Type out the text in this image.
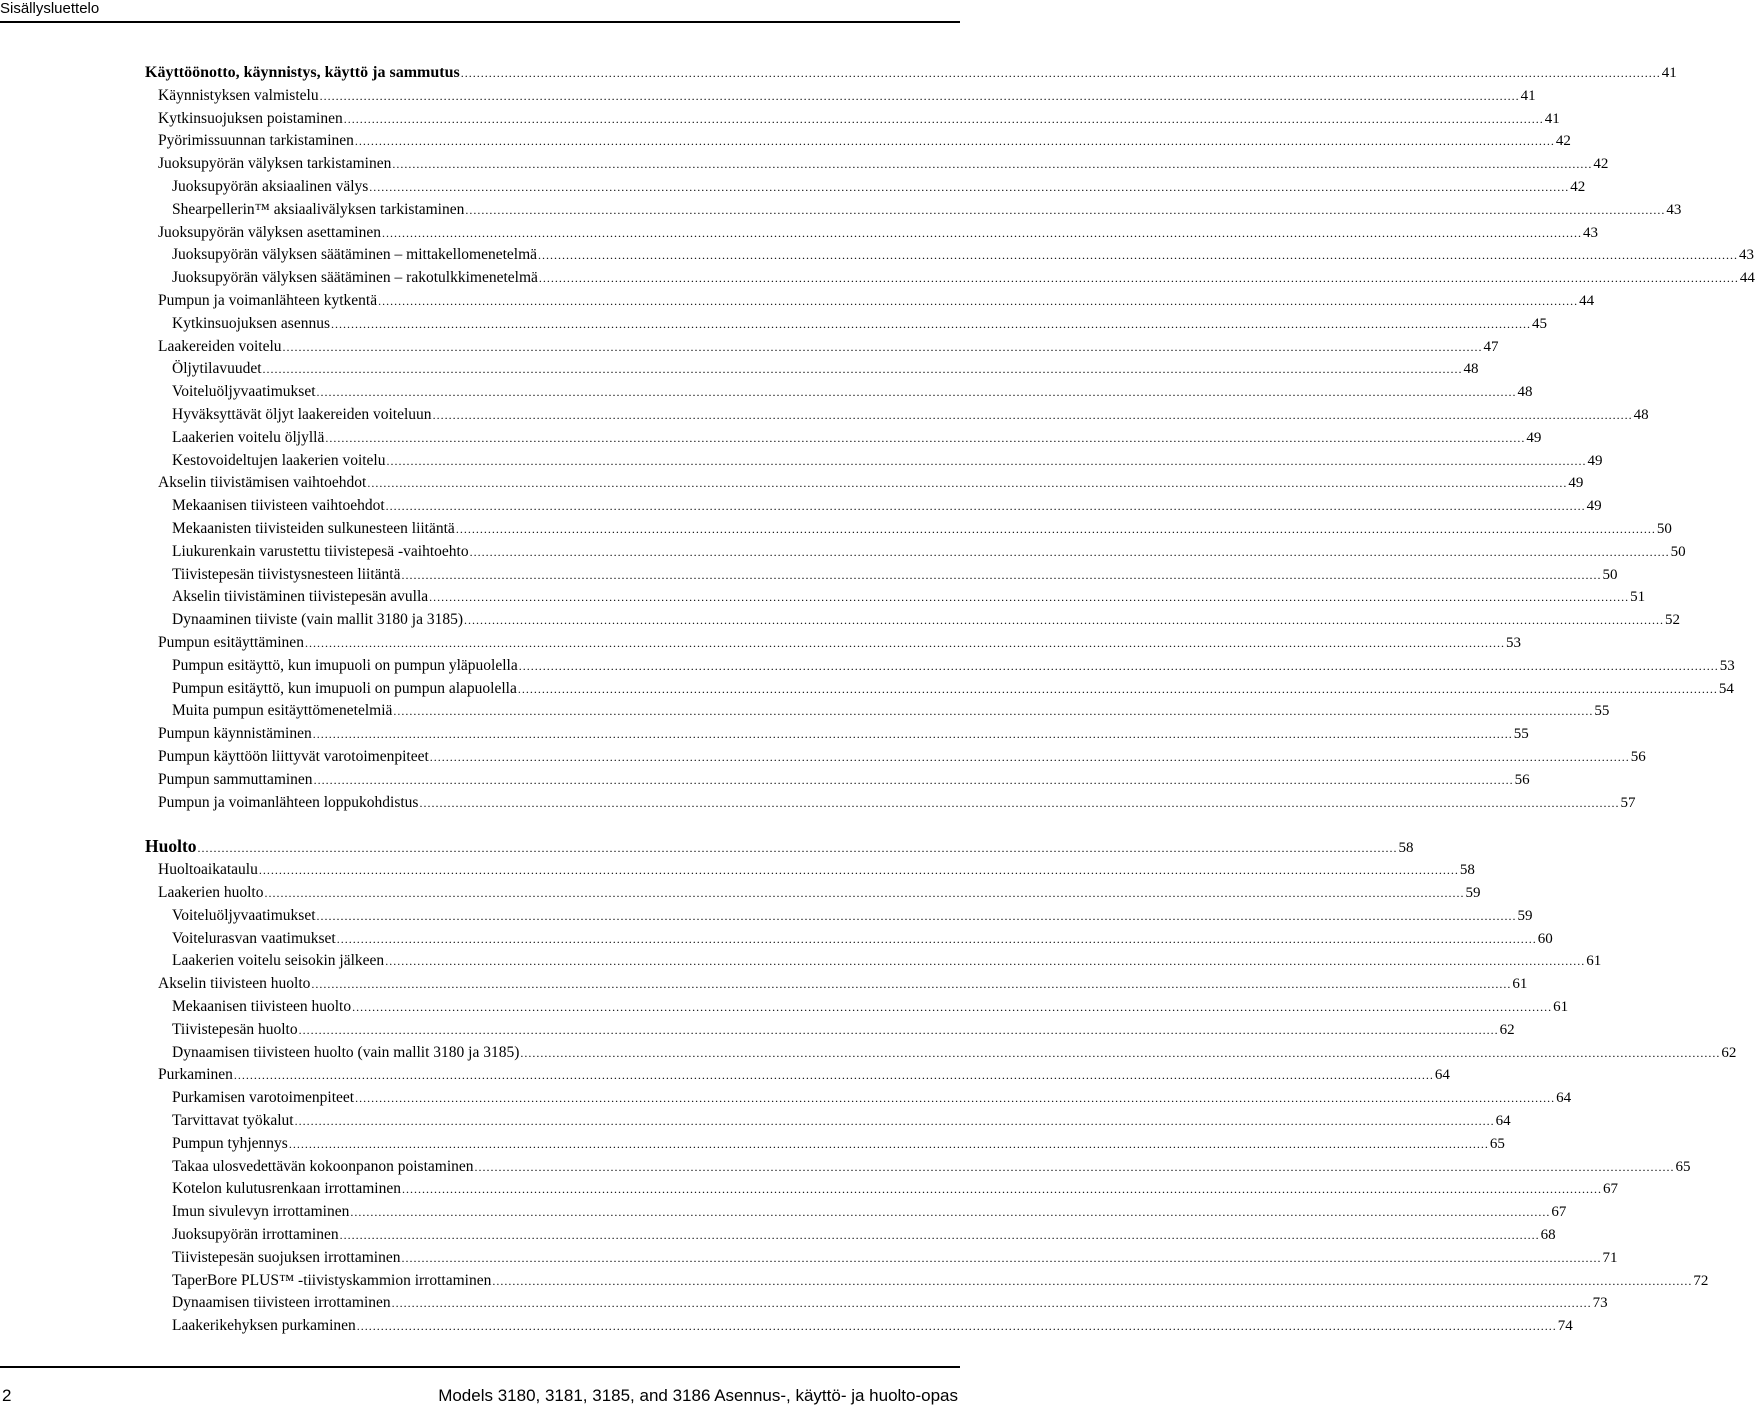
Sisällysluettelo
Käyttöönotto, käynnistys, käyttö ja sammutus ............................................................................................................................................................................................................................................................................................................ 41
Käynnistyksen valmistelu ............................................................................................................................................................................................................................................................................................................ 41
Kytkinsuojuksen poistaminen ............................................................................................................................................................................................................................................................................................................ 41
Pyörimissuunnan tarkistaminen ............................................................................................................................................................................................................................................................................................................ 42
Juoksupyörän välyksen tarkistaminen ............................................................................................................................................................................................................................................................................................................ 42
Juoksupyörän aksiaalinen välys ............................................................................................................................................................................................................................................................................................................ 42
Shearpellerin™ aksiaalivälyksen tarkistaminen ............................................................................................................................................................................................................................................................................................................ 43
Juoksupyörän välyksen asettaminen ............................................................................................................................................................................................................................................................................................................ 43
Juoksupyörän välyksen säätäminen – mittakellomenetelmä ............................................................................................................................................................................................................................................................................................................ 43
Juoksupyörän välyksen säätäminen – rakotulkkimenetelmä ............................................................................................................................................................................................................................................................................................................ 44
Pumpun ja voimanlähteen kytkentä ............................................................................................................................................................................................................................................................................................................ 44
Kytkinsuojuksen asennus ............................................................................................................................................................................................................................................................................................................ 45
Laakereiden voitelu ............................................................................................................................................................................................................................................................................................................ 47
Öljytilavuudet ............................................................................................................................................................................................................................................................................................................ 48
Voiteluöljyvaatimukset ............................................................................................................................................................................................................................................................................................................ 48
Hyväksyttävät öljyt laakereiden voiteluun ............................................................................................................................................................................................................................................................................................................ 48
Laakerien voitelu öljyllä ............................................................................................................................................................................................................................................................................................................ 49
Kestovoideltujen laakerien voitelu ............................................................................................................................................................................................................................................................................................................ 49
Akselin tiivistämisen vaihtoehdot ............................................................................................................................................................................................................................................................................................................ 49
Mekaanisen tiivisteen vaihtoehdot ............................................................................................................................................................................................................................................................................................................ 49
Mekaanisten tiivisteiden sulkunesteen liitäntä ............................................................................................................................................................................................................................................................................................................ 50
Liukurenkain varustettu tiivistepesä -vaihtoehto ............................................................................................................................................................................................................................................................................................................ 50
Tiivistepesän tiivistysnesteen liitäntä ............................................................................................................................................................................................................................................................................................................ 50
Akselin tiivistäminen tiivistepesän avulla ............................................................................................................................................................................................................................................................................................................ 51
Dynaaminen tiiviste (vain mallit 3180 ja 3185) ............................................................................................................................................................................................................................................................................................................ 52
Pumpun esitäyttäminen ............................................................................................................................................................................................................................................................................................................ 53
Pumpun esitäyttö, kun imupuoli on pumpun yläpuolella ............................................................................................................................................................................................................................................................................................................ 53
Pumpun esitäyttö, kun imupuoli on pumpun alapuolella ............................................................................................................................................................................................................................................................................................................ 54
Muita pumpun esitäyttömenetelmiä ............................................................................................................................................................................................................................................................................................................ 55
Pumpun käynnistäminen ............................................................................................................................................................................................................................................................................................................ 55
Pumpun käyttöön liittyvät varotoimenpiteet ............................................................................................................................................................................................................................................................................................................ 56
Pumpun sammuttaminen ............................................................................................................................................................................................................................................................................................................ 56
Pumpun ja voimanlähteen loppukohdistus ............................................................................................................................................................................................................................................................................................................ 57
Huolto ............................................................................................................................................................................................................................................................................................................ 58
Huoltoaikataulu ............................................................................................................................................................................................................................................................................................................ 58
Laakerien huolto ............................................................................................................................................................................................................................................................................................................ 59
Voiteluöljyvaatimukset ............................................................................................................................................................................................................................................................................................................ 59
Voitelurasvan vaatimukset ............................................................................................................................................................................................................................................................................................................ 60
Laakerien voitelu seisokin jälkeen ............................................................................................................................................................................................................................................................................................................ 61
Akselin tiivisteen huolto ............................................................................................................................................................................................................................................................................................................ 61
Mekaanisen tiivisteen huolto ............................................................................................................................................................................................................................................................................................................ 61
Tiivistepesän huolto ............................................................................................................................................................................................................................................................................................................ 62
Dynaamisen tiivisteen huolto (vain mallit 3180 ja 3185) ............................................................................................................................................................................................................................................................................................................ 62
Purkaminen ............................................................................................................................................................................................................................................................................................................ 64
Purkamisen varotoimenpiteet ............................................................................................................................................................................................................................................................................................................ 64
Tarvittavat työkalut ............................................................................................................................................................................................................................................................................................................ 64
Pumpun tyhjennys ............................................................................................................................................................................................................................................................................................................ 65
Takaa ulosvedettävän kokoonpanon poistaminen ............................................................................................................................................................................................................................................................................................................ 65
Kotelon kulutusrenkaan irrottaminen ............................................................................................................................................................................................................................................................................................................ 67
Imun sivulevyn irrottaminen ............................................................................................................................................................................................................................................................................................................ 67
Juoksupyörän irrottaminen ............................................................................................................................................................................................................................................................................................................ 68
Tiivistepesän suojuksen irrottaminen ............................................................................................................................................................................................................................................................................................................ 71
TaperBore PLUS™ -tiivistyskammion irrottaminen ............................................................................................................................................................................................................................................................................................................ 72
Dynaamisen tiivisteen irrottaminen ............................................................................................................................................................................................................................................................................................................ 73
Laakerikehyksen purkaminen ............................................................................................................................................................................................................................................................................................................ 74
2	Models 3180, 3181, 3185, and 3186 Asennus-, käyttö- ja huolto-opas
